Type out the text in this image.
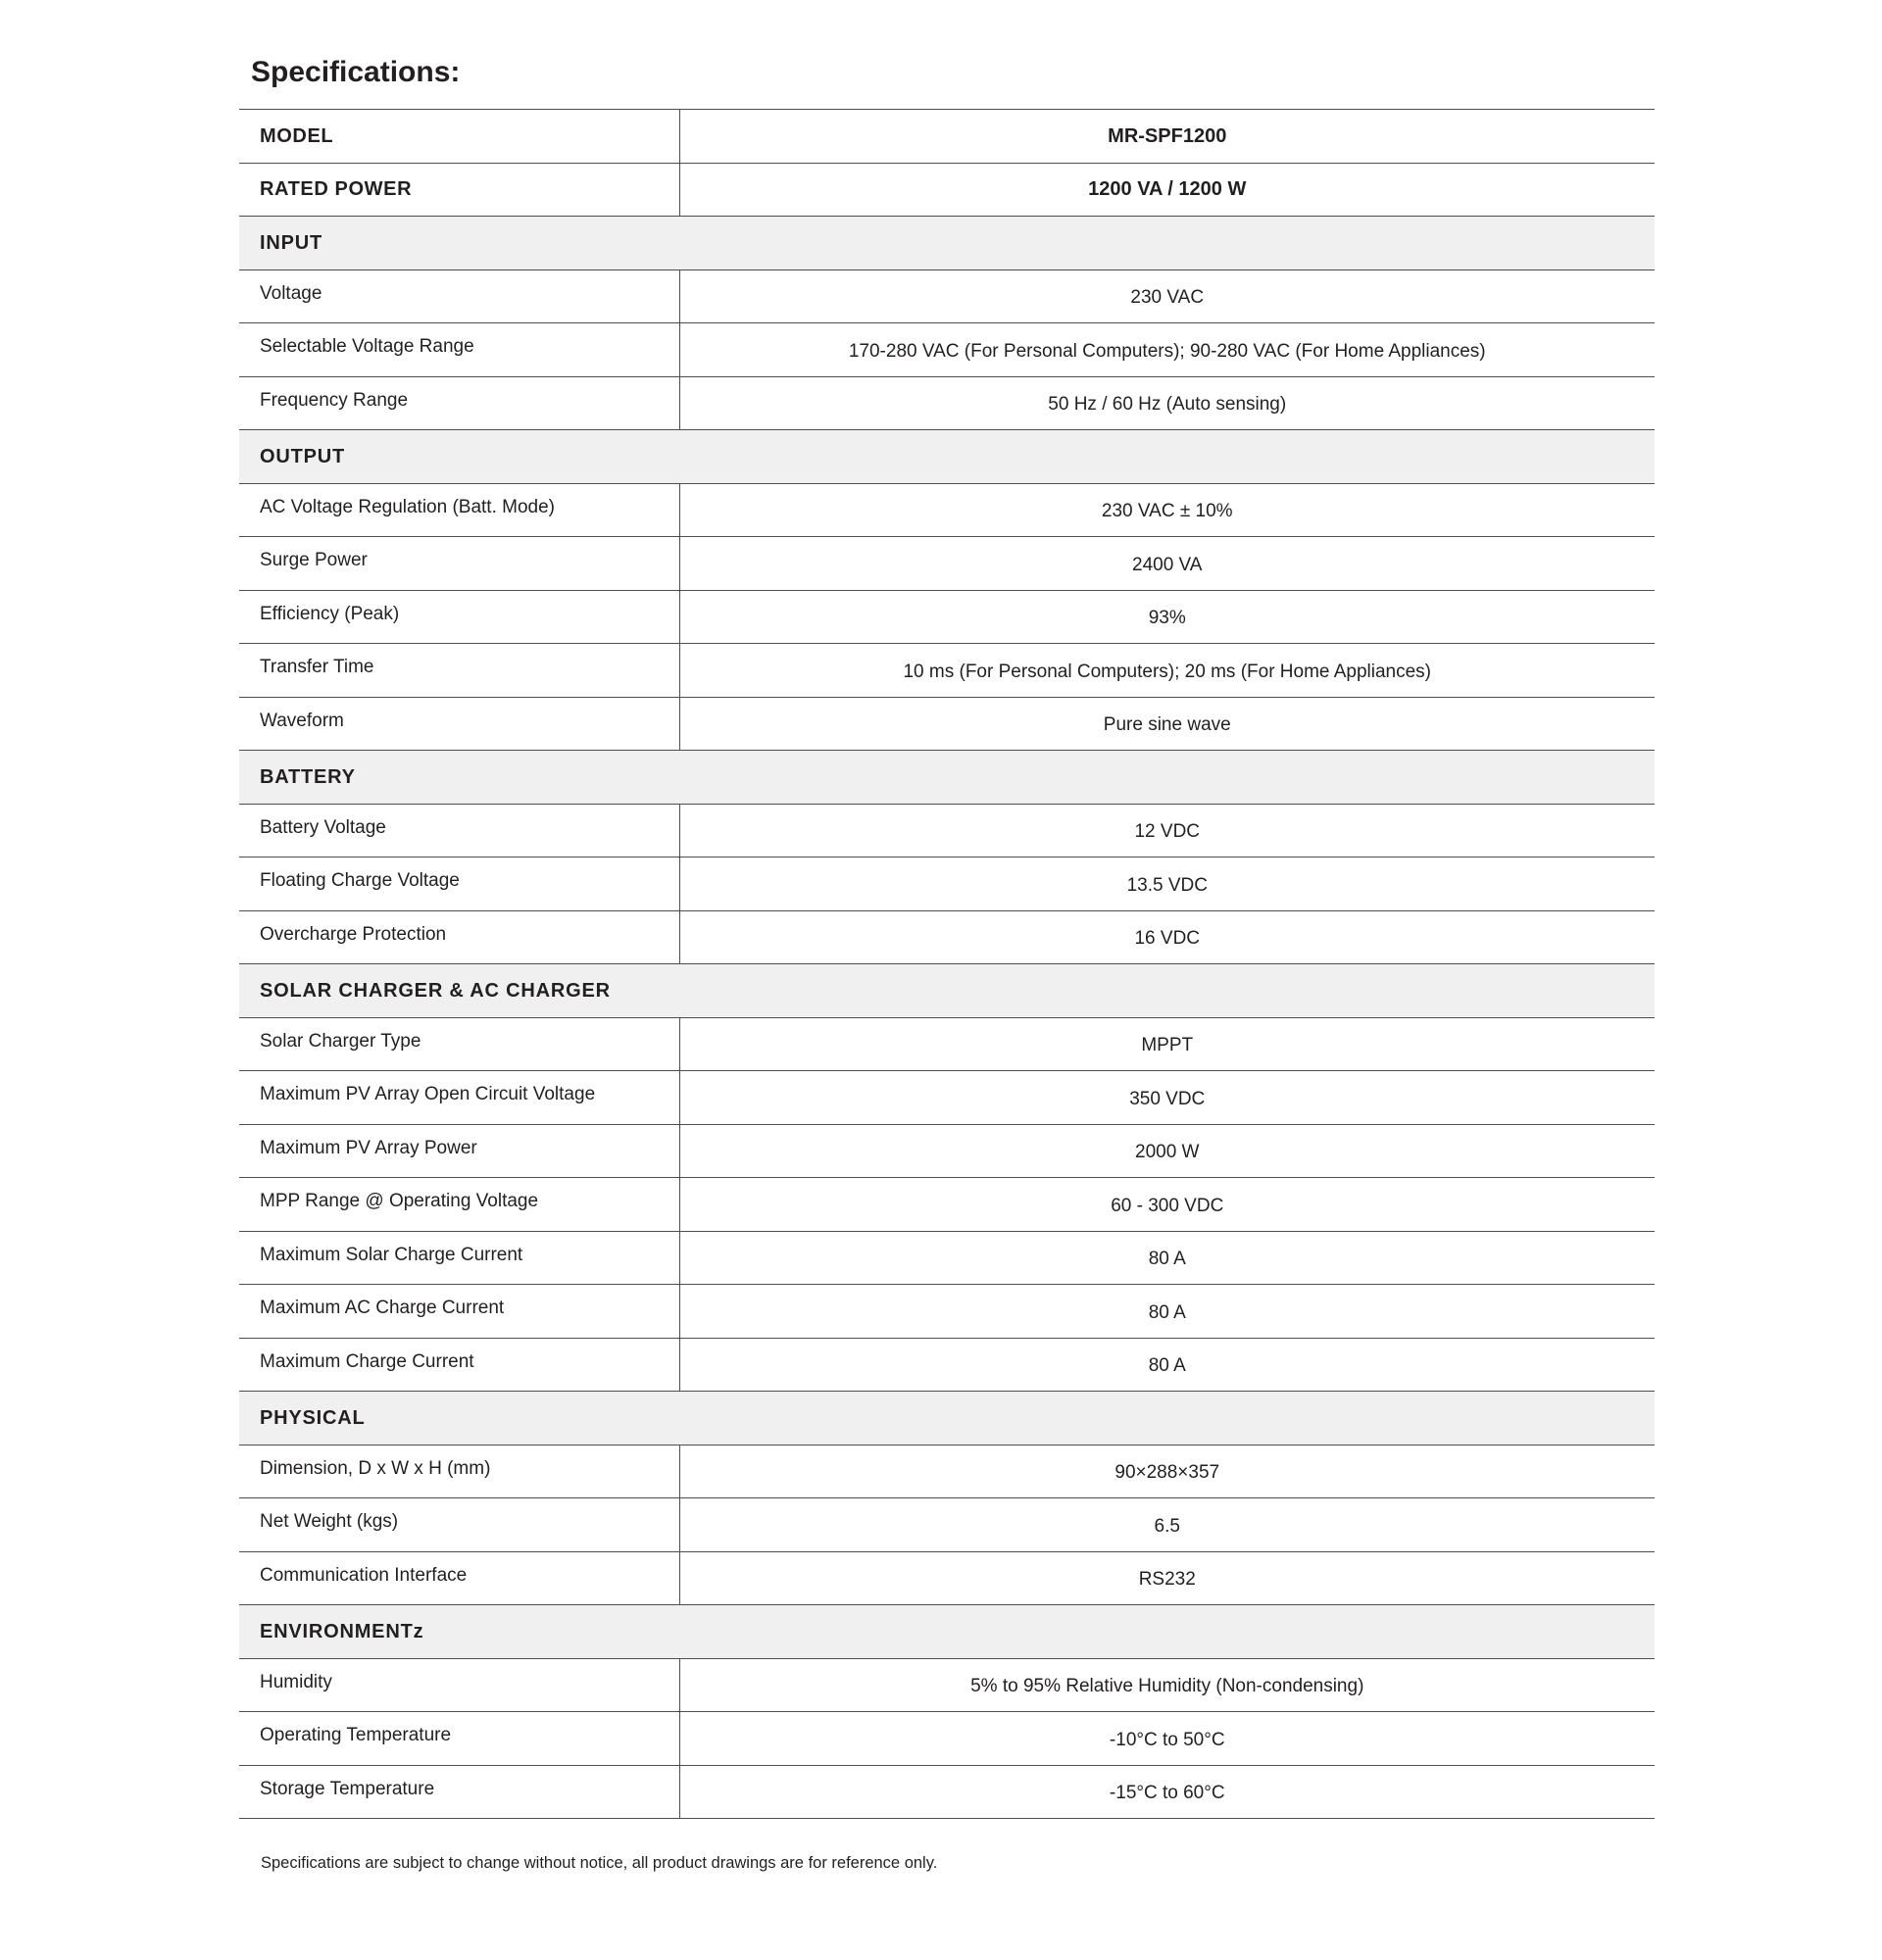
Specifications:
MODEL	MR-SPF1200
RATED POWER	1200 VA / 1200 W
INPUT	
Voltage	230 VAC
Selectable Voltage Range	170-280 VAC (For Personal Computers); 90-280 VAC (For Home Appliances)
Frequency Range	50 Hz / 60 Hz (Auto sensing)
OUTPUT	
AC Voltage Regulation (Batt. Mode)	230 VAC ± 10%
Surge Power	2400 VA
Efficiency (Peak)	93%
Transfer Time	10 ms (For Personal Computers); 20 ms (For Home Appliances)
Waveform	Pure sine wave
BATTERY	
Battery Voltage	12 VDC
Floating Charge Voltage	13.5 VDC
Overcharge Protection	16 VDC
SOLAR CHARGER & AC CHARGER	
Solar Charger Type	MPPT
Maximum PV Array Open Circuit Voltage	350 VDC
Maximum PV Array Power	2000 W
MPP Range @ Operating Voltage	60 - 300 VDC
Maximum Solar Charge Current	80 A
Maximum AC Charge Current	80 A
Maximum Charge Current	80 A
PHYSICAL	
Dimension, D x W x H (mm)	90×288×357
Net Weight (kgs)	6.5
Communication Interface	RS232
ENVIRONMENTz	
Humidity	5% to 95% Relative Humidity (Non-condensing)
Operating Temperature	-10°C to 50°C
Storage Temperature	-15°C to 60°C

Specifications are subject to change without notice, all product drawings are for reference only.
